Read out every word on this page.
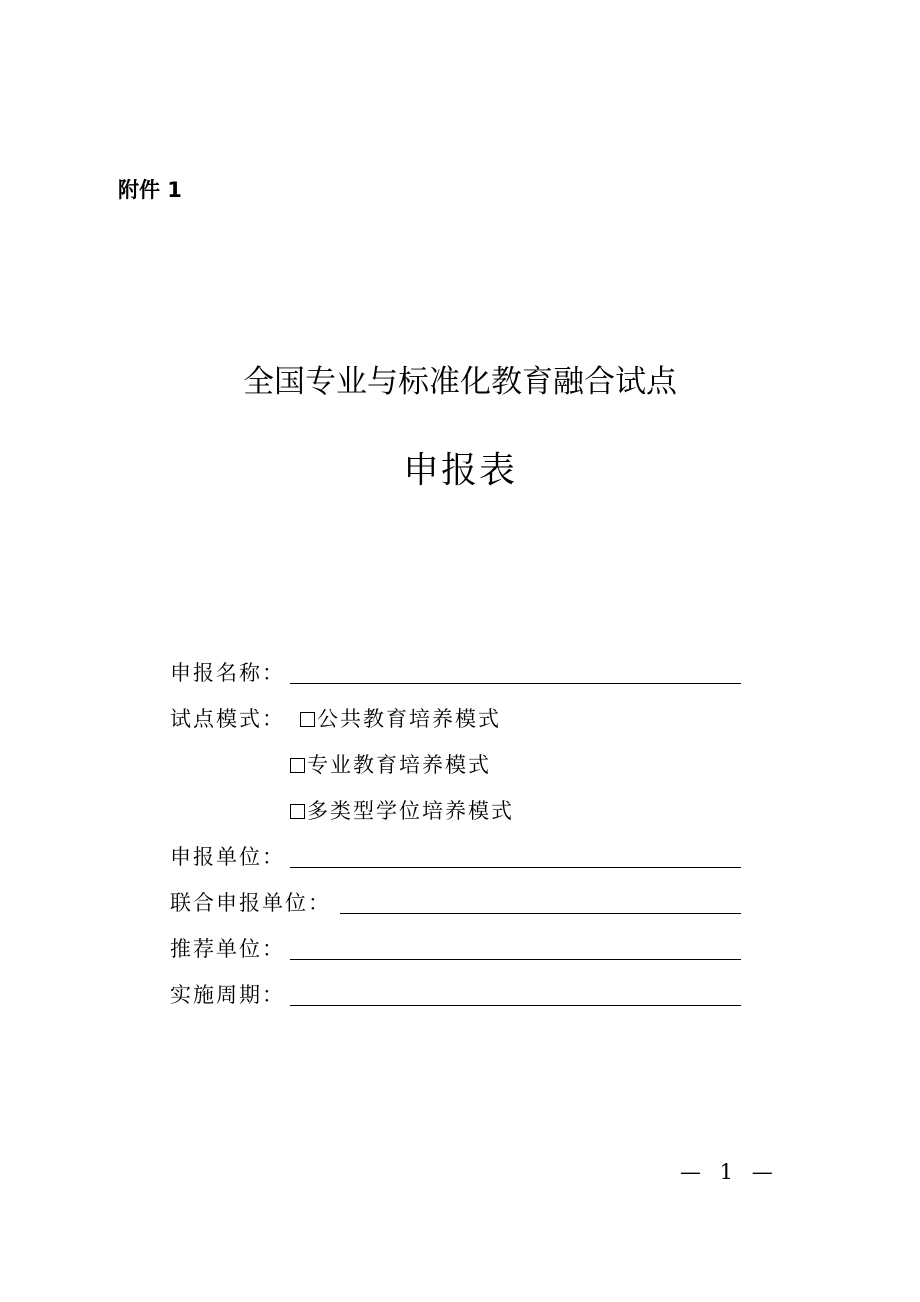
附件 1
全国专业与标准化教育融合试点
申报表
申报名称：
试点模式：	公共教育培养模式
专业教育培养模式
多类型学位培养模式
申报单位：
联合申报单位：
推荐单位：
实施周期：
— 1 —
